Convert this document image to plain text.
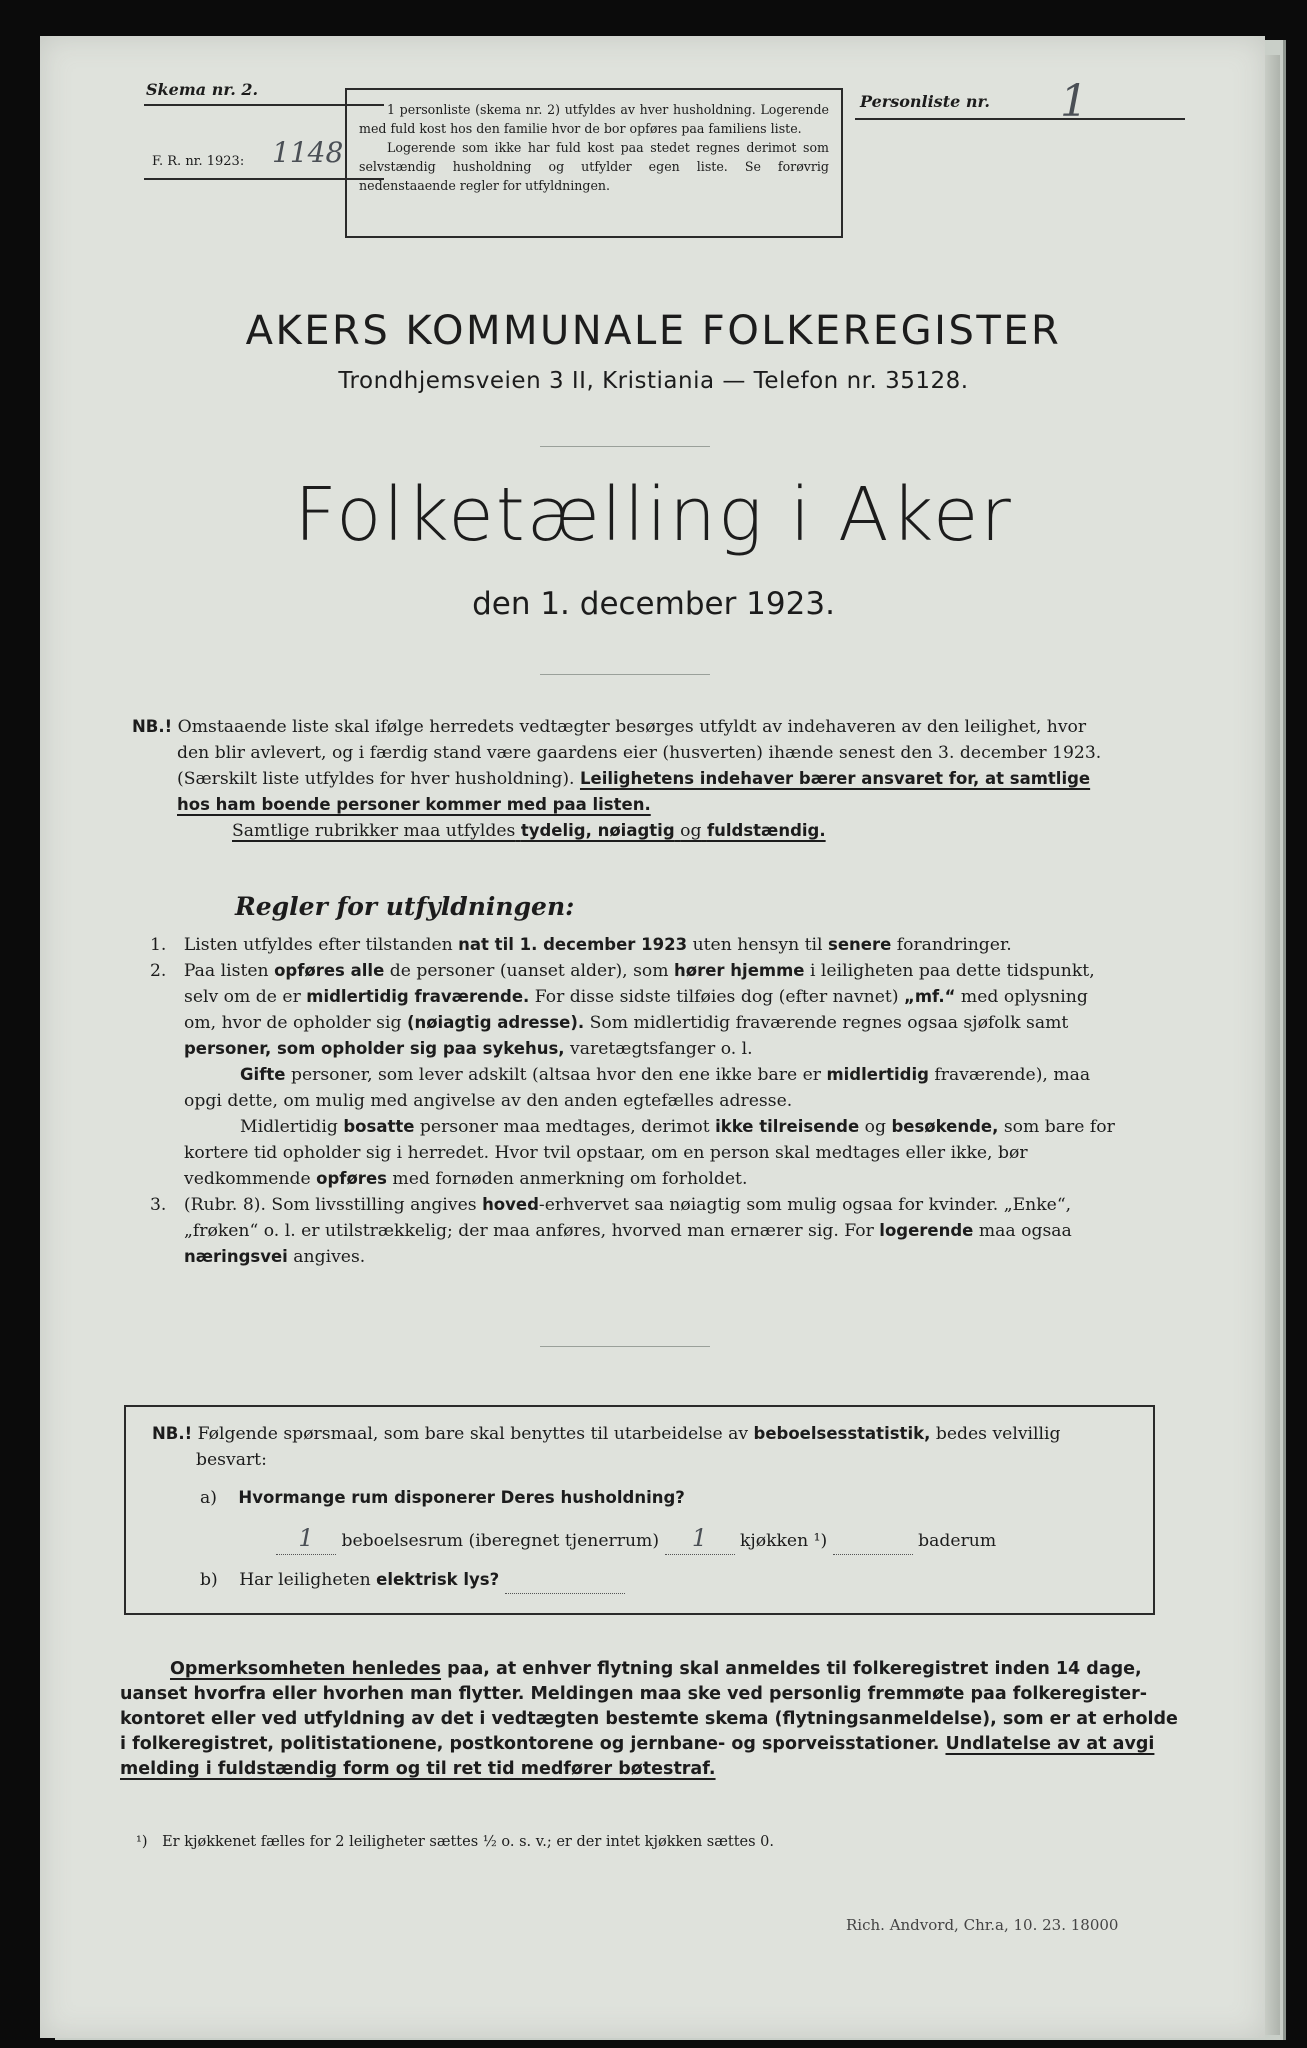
Skema nr. 2.
F. R. nr. 1923: 1148

1 personliste (skema nr. 2) utfyldes av hver husholdning. Logerende med fuld kost hos den familie hvor de bor opføres paa familiens liste.

Logerende som ikke har fuld kost paa stedet regnes derimot som selvstændig husholdning og utfylder egen liste. Se forøvrig nedenstaaende regler for utfyldningen.

Personliste nr. 1
AKERS KOMMUNALE FOLKEREGISTER
Trondhjemsveien 3 II, Kristiania — Telefon nr. 35128.
Folketælling i Aker
den 1. december 1923.
NB.! Omstaaende liste skal ifølge herredets vedtægter besørges utfyldt av indehaveren av den leilighet, hvor
den blir avlevert, og i færdig stand være gaardens eier (husverten) ihænde senest den 3. december 1923.
(Særskilt liste utfyldes for hver husholdning). Leilighetens indehaver bærer ansvaret for, at samtlige
hos ham boende personer kommer med paa listen.
Samtlige rubrikker maa utfyldes tydelig, nøiagtig og fuldstændig.
Regler for utfyldningen:
1. Listen utfyldes efter tilstanden nat til 1. december 1923 uten hensyn til senere forandringer.
2. Paa listen opføres alle de personer (uanset alder), som hører hjemme i leiligheten paa dette tidspunkt,
selv om de er midlertidig fraværende. For disse sidste tilføies dog (efter navnet) „mf.“ med oplysning
om, hvor de opholder sig (nøiagtig adresse). Som midlertidig fraværende regnes ogsaa sjøfolk samt
personer, som opholder sig paa sykehus, varetægtsfanger o. l.
Gifte personer, som lever adskilt (altsaa hvor den ene ikke bare er midlertidig fraværende), maa
opgi dette, om mulig med angivelse av den anden egtefælles adresse.
Midlertidig bosatte personer maa medtages, derimot ikke tilreisende og besøkende, som bare for
kortere tid opholder sig i herredet. Hvor tvil opstaar, om en person skal medtages eller ikke, bør
vedkommende opføres med fornøden anmerkning om forholdet.
3. (Rubr. 8). Som livsstilling angives hoved-erhvervet saa nøiagtig som mulig ogsaa for kvinder. „Enke“,
„frøken“ o. l. er utilstrækkelig; der maa anføres, hvorved man ernærer sig. For logerende maa ogsaa
næringsvei angives.
NB.! Følgende spørsmaal, som bare skal benyttes til utarbeidelse av beboelsesstatistik, bedes velvillig
besvart:
a) Hvormange rum disponerer Deres husholdning?
1 beboelsesrum (iberegnet tjenerrum) 1 kjøkken ¹)	baderum
b) Har leiligheten elektrisk lys?
Opmerksomheten henledes paa, at enhver flytning skal anmeldes til folkeregistret inden 14 dage,
uanset hvorfra eller hvorhen man flytter. Meldingen maa ske ved personlig fremmøte paa folkeregister-
kontoret eller ved utfyldning av det i vedtægten bestemte skema (flytningsanmeldelse), som er at erholde
i folkeregistret, politistationene, postkontorene og jernbane- og sporveisstationer. Undlatelse av at avgi
melding i fuldstændig form og til ret tid medfører bøtestraf.
¹) Er kjøkkenet fælles for 2 leiligheter sættes ½ o. s. v.; er der intet kjøkken sættes 0.
Rich. Andvord, Chr.a, 10. 23. 18000
